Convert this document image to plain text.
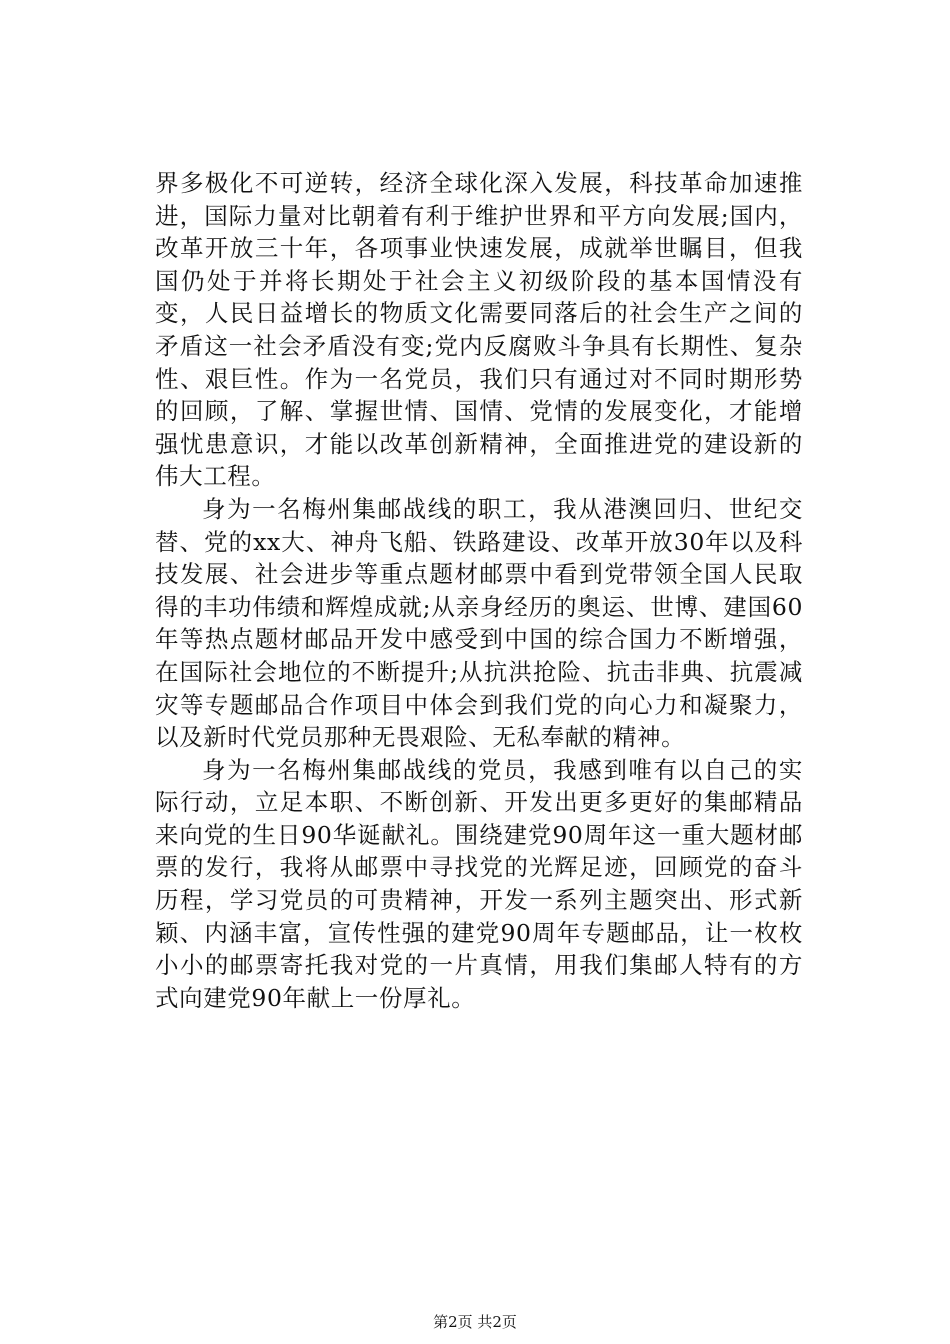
界多极化不可逆转，经济全球化深入发展，科技革命加速推进，国际力量对比朝着有利于维护世界和平方向发展;国内，改革开放三十年，各项事业快速发展，成就举世瞩目，但我国仍处于并将长期处于社会主义初级阶段的基本国情没有变，人民日益增长的物质文化需要同落后的社会生产之间的矛盾这一社会矛盾没有变;党内反腐败斗争具有长期性、复杂性、艰巨性。作为一名党员，我们只有通过对不同时期形势的回顾，了解、掌握世情、国情、党情的发展变化，才能增强忧患意识，才能以改革创新精神，全面推进党的建设新的伟大工程。

身为一名梅州集邮战线的职工，我从港澳回归、世纪交替、党的xx大、神舟飞船、铁路建设、改革开放30年以及科技发展、社会进步等重点题材邮票中看到党带领全国人民取得的丰功伟绩和辉煌成就;从亲身经历的奥运、世博、建国60年等热点题材邮品开发中感受到中国的综合国力不断增强，在国际社会地位的不断提升;从抗洪抢险、抗击非典、抗震减灾等专题邮品合作项目中体会到我们党的向心力和凝聚力，以及新时代党员那种无畏艰险、无私奉献的精神。

身为一名梅州集邮战线的党员，我感到唯有以自己的实际行动，立足本职、不断创新、开发出更多更好的集邮精品来向党的生日90华诞献礼。围绕建党90周年这一重大题材邮票的发行，我将从邮票中寻找党的光辉足迹，回顾党的奋斗历程，学习党员的可贵精神，开发一系列主题突出、形式新颖、内涵丰富，宣传性强的建党90周年专题邮品，让一枚枚小小的邮票寄托我对党的一片真情，用我们集邮人特有的方式向建党90年献上一份厚礼。

第2页 共2页
